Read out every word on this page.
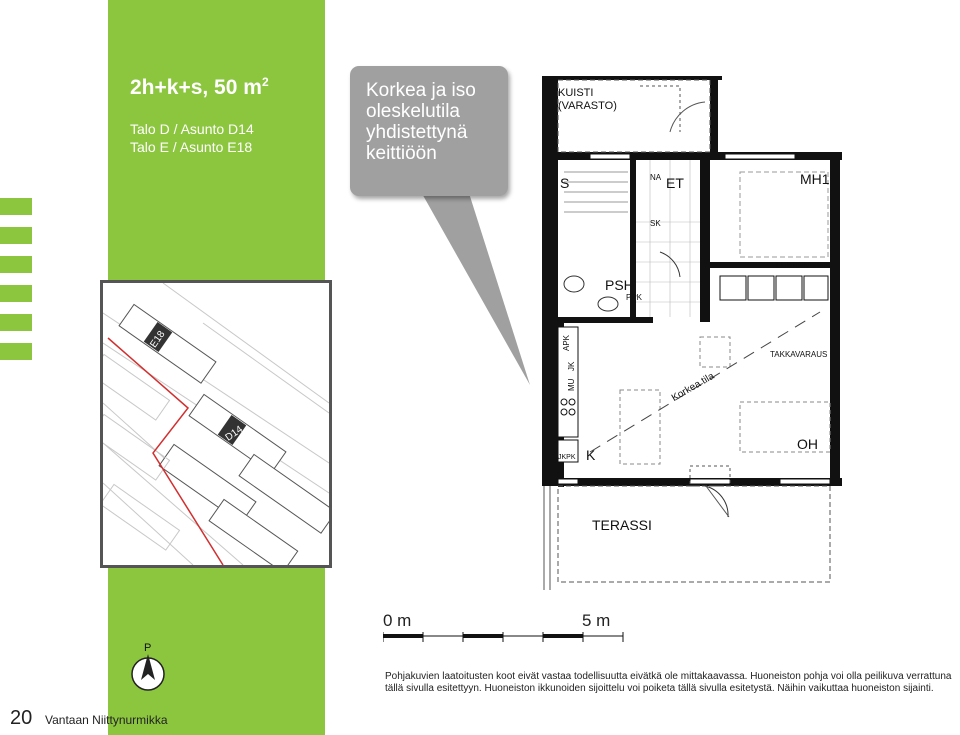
2h+k+s, 50 $m^2$
Talo D / Asunto D14
Talo E / Asunto E18
Korkea ja iso oleskelutila yhdistettynä keittiöön
E18
D14
KUISTI
(VARASTO)
S	NA ET
SK
MH1
Liukuovivaraus
PSH
PPK
APK
JK
MU	Korkea tila
TAKKAVARAUS
OH
JKPK K
TERASSI
0 m	5 m
Pohjakuvien laatoitusten koot eivät vastaa todellisuutta eivätkä ole mittakaavassa. Huoneiston pohja voi olla peilikuva verrattuna tällä sivulla esitettyyn. Huoneiston ikkunoiden sijoittelu voi poiketa tällä sivulla esitetystä. Näihin vaikuttaa huoneiston sijainti.
P
20 Vantaan Niittynurmikka
